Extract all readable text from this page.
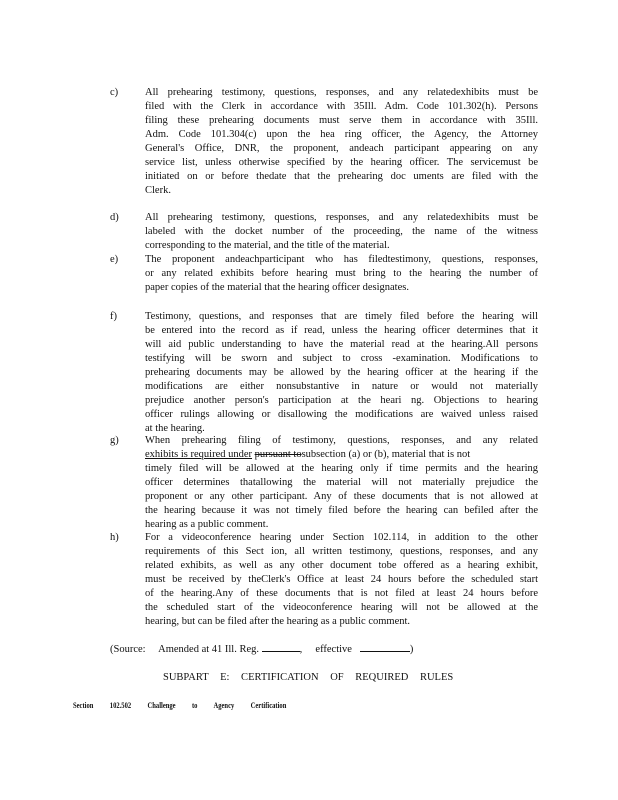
c)	All prehearing testimony, questions, responses, and any relatedexhibits must be
filed with the Clerk in accordance with 35Ill. Adm. Code 101.302(h). Persons
filing these prehearing documents must serve them in accordance with 35Ill.
Adm. Code 101.304(c) upon the hea ring officer, the Agency, the Attorney
General's Office, DNR, the proponent, andeach participant appearing on any
service list, unless otherwise specified by the hearing officer. The servicemust be
initiated on or before thedate that the prehearing doc uments are filed with the
Clerk.
d)	All prehearing testimony, questions, responses, and any relatedexhibits must be
labeled with the docket number of the proceeding, the name of the witness
corresponding to the material, and the title of the material.
e)	The proponent andeachparticipant who has filedtestimony, questions, responses,
or any related exhibits before hearing must bring to the hearing the number of
paper copies of the material that the hearing officer designates.
f)	Testimony, questions, and responses that are timely filed before the hearing will
be entered into the record as if read, unless the hearing officer determines that it
will aid public understanding to have the material read at the hearing.All persons
testifying will be sworn and subject to cross -examination. Modifications to
prehearing documents may be allowed by the hearing officer at the hearing if the
modifications are either nonsubstantive in nature or would not materially
prejudice another person's participation at the heari ng. Objections to hearing
officer rulings allowing or disallowing the modifications are waived unless raised
at the hearing.
g)	When prehearing filing of testimony, questions, responses, and any related
exhibits is required under pursuant tosubsection (a) or (b), material that is not
timely filed will be allowed at the hearing only if time permits and the hearing
officer determines thatallowing the material will not materially prejudice the
proponent or any other participant. Any of these documents that is not allowed at
the hearing because it was not timely filed before the hearing can befiled after the
hearing as a public comment.
h)	For a videoconference hearing under Section 102.114, in addition to the other
requirements of this Sect ion, all written testimony, questions, responses, and any
related exhibits, as well as any other document tobe offered as a hearing exhibit,
must be received by theClerk's Office at least 24 hours before the scheduled start
of the hearing.Any of these documents that is not filed at least 24 hours before
the scheduled start of the videoconference hearing will not be allowed at the
hearing, but can be filed after the hearing as a public comment.
(Source: Amended at 41 Ill. Reg.	, effective	)
SUBPART E: CERTIFICATION OF REQUIRED RULES
Section 102.502 Challenge to Agency Certification
